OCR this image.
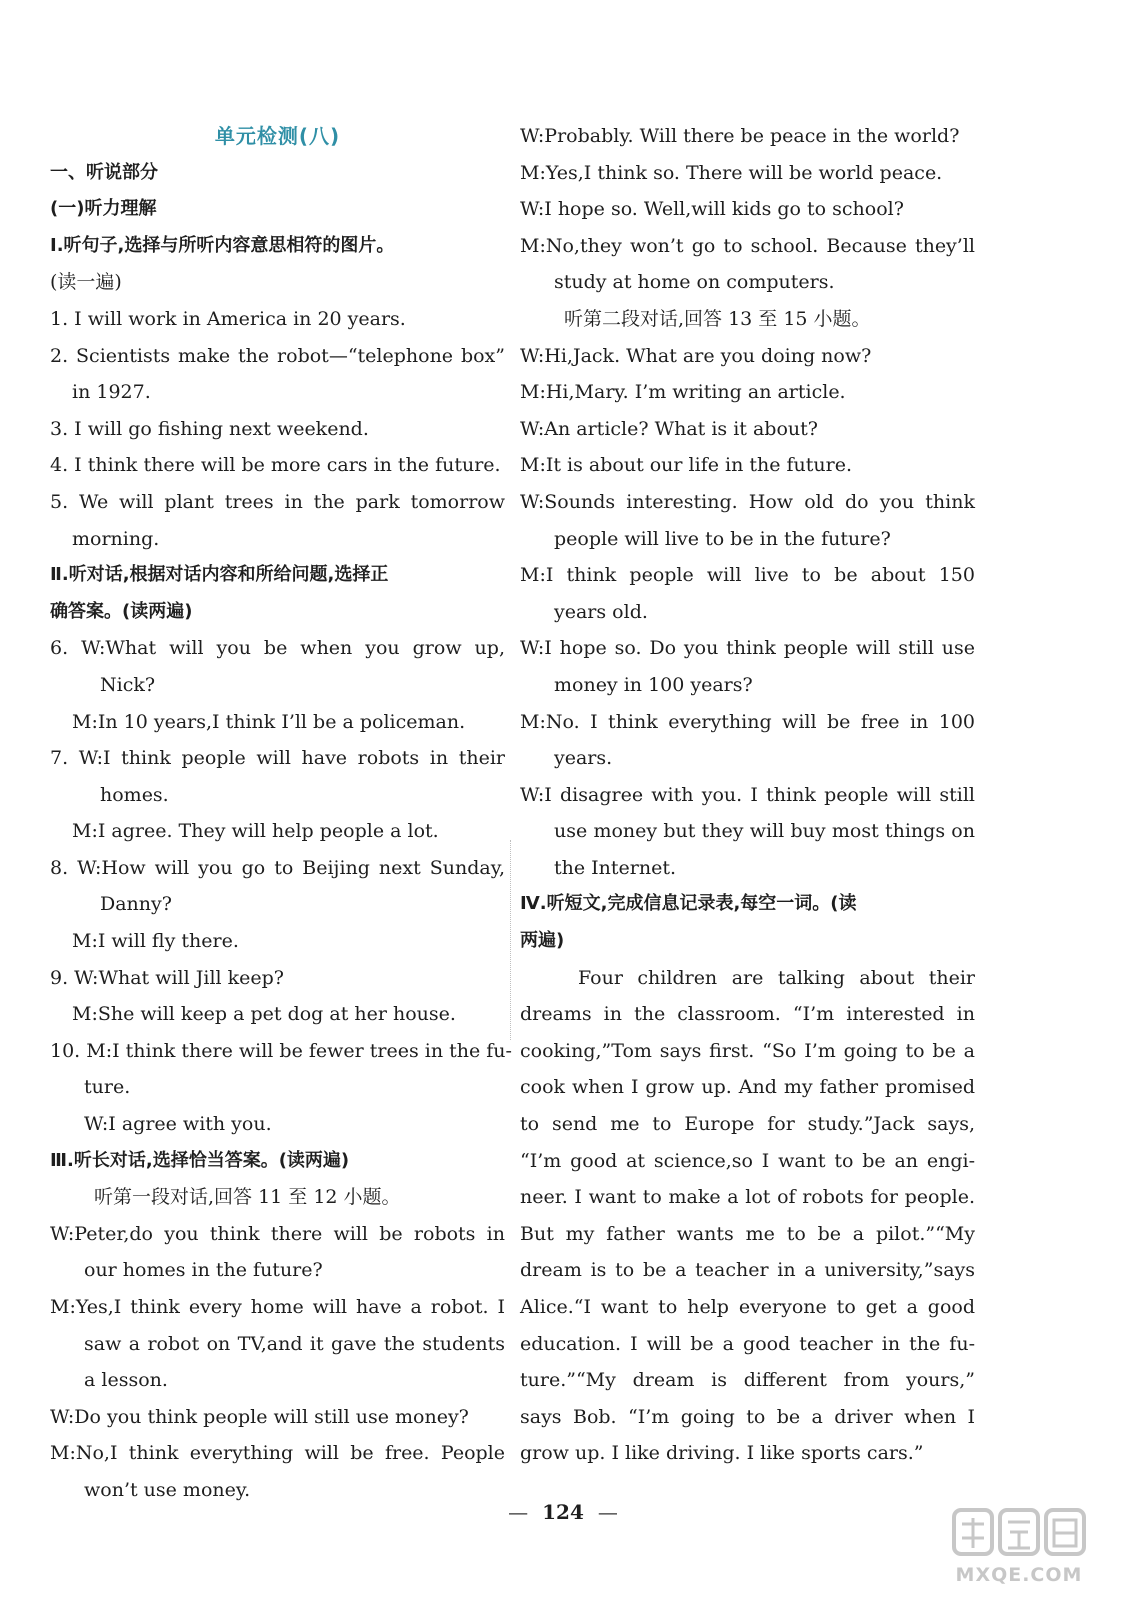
单元检测(八)
一、听说部分
(一)听力理解
Ⅰ.听句子,选择与所听内容意思相符的图片。
(读一遍)
1. I will work in America in 20 years.
2. Scientists make the robot—“telephone box”
in 1927.
3. I will go fishing next weekend.
4. I think there will be more cars in the future.
5. We will plant trees in the park tomorrow
morning.
Ⅱ.听对话,根据对话内容和所给问题,选择正
确答案。(读两遍)
6. W:What will you be when you grow up,
Nick?
M:In 10 years,I think I’ll be a policeman.
7. W:I think people will have robots in their
homes.
M:I agree. They will help people a lot.
8. W:How will you go to Beijing next Sunday,
Danny?
M:I will fly there.
9. W:What will Jill keep?
M:She will keep a pet dog at her house.
10. M:I think there will be fewer trees in the fu-
ture.
W:I agree with you.
Ⅲ.听长对话,选择恰当答案。(读两遍)
听第一段对话,回答 11 至 12 小题。
W:Peter,do you think there will be robots in
our homes in the future?
M:Yes,I think every home will have a robot. I
saw a robot on TV,and it gave the students
a lesson.
W:Do you think people will still use money?
M:No,I think everything will be free. People
won’t use money.
W:Probably. Will there be peace in the world?
M:Yes,I think so. There will be world peace.
W:I hope so. Well,will kids go to school?
M:No,they won’t go to school. Because they’ll
study at home on computers.
听第二段对话,回答 13 至 15 小题。
W:Hi,Jack. What are you doing now?
M:Hi,Mary. I’m writing an article.
W:An article? What is it about?
M:It is about our life in the future.
W:Sounds interesting. How old do you think
people will live to be in the future?
M:I think people will live to be about 150
years old.
W:I hope so. Do you think people will still use
money in 100 years?
M:No. I think everything will be free in 100
years.
W:I disagree with you. I think people will still
use money but they will buy most things on
the Internet.
Ⅳ.听短文,完成信息记录表,每空一词。(读
两遍)
Four children are talking about their
dreams in the classroom. “I’m interested in
cooking,”Tom says first. “So I’m going to be a
cook when I grow up. And my father promised
to send me to Europe for study.”Jack says,
“I’m good at science,so I want to be an engi-
neer. I want to make a lot of robots for people.
But my father wants me to be a pilot.”“My
dream is to be a teacher in a university,”says
Alice.“I want to help everyone to get a good
education. I will be a good teacher in the fu-
ture.”“My dream is different from yours,”
says Bob. “I’m going to be a driver when I
grow up. I like driving. I like sports cars.”
— 124 —
MXQE.COM
